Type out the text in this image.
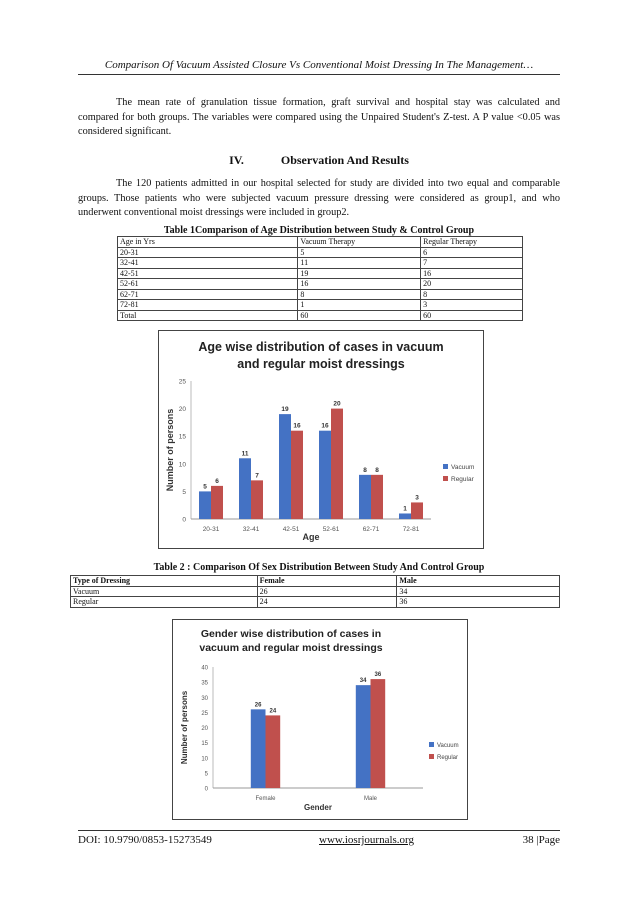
Comparison Of Vacuum Assisted Closure Vs Conventional Moist Dressing In The Management…

The mean rate of granulation tissue formation, graft survival and hospital stay was calculated and compared for both groups. The variables were compared using the Unpaired Student's Z-test. A P value <0.05 was considered significant.

IV.	Observation And Results

The 120 patients admitted in our hospital selected for study are divided into two equal and comparable groups. Those patients who were subjected vacuum pressure dressing were considered as group1, and who underwent conventional moist dressings were included in group2.

Table 1Comparison of Age Distribution between Study & Control Group
Age in Yrs	Vacuum Therapy	Regular Therapy
20-31	5	6
32-41	11	7
42-51	19	16
52-61	16	20
62-71	8	8
72-81	1	3
Total	60	60
Age wise distribution of cases in vacuum
and regular moist dressings
0
5
10
15
20
25
Number of persons	5
6
20-31
11
7
32-41
19
16
42-51
16
20
52-61
8 8
62-71
1
3
72-81
Age
Vacuum
Regular
Table 2 : Comparison Of Sex Distribution Between Study And Control Group
Type of Dressing	Female	Male
Vacuum	26	34
Regular	24	36
Gender wise distribution of cases in
vacuum and regular moist dressings
0
5
10
15
20
25
30
35
40
Number of persons	26
24
Female
34
36
Male
Gender
Vacuum
Regular
DOI: 10.9790/0853-15273549	www.iosrjournals.org	38 |Page
